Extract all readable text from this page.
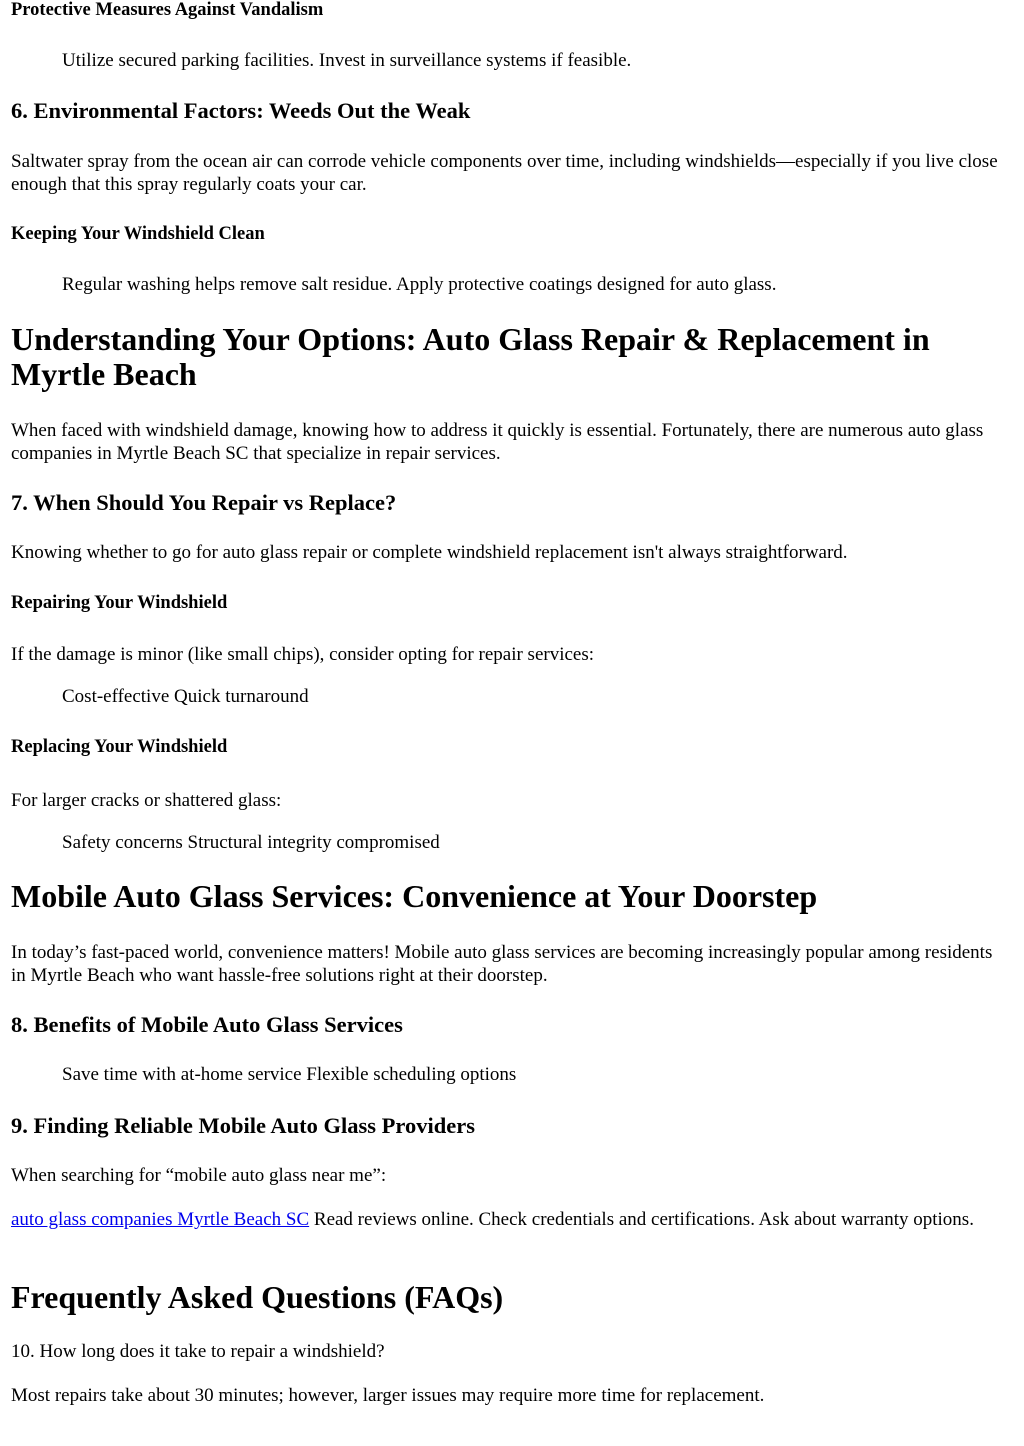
Protective Measures Against Vandalism
Utilize secured parking facilities. Invest in surveillance systems if feasible.
6. Environmental Factors: Weeds Out the Weak

Saltwater spray from the ocean air can corrode vehicle components over time, including windshields—especially if you live close enough that this spray regularly coats your car.

Keeping Your Windshield Clean
Regular washing helps remove salt residue. Apply protective coatings designed for auto glass.
Understanding Your Options: Auto Glass Repair & Replacement in Myrtle Beach

When faced with windshield damage, knowing how to address it quickly is essential. Fortunately, there are numerous auto glass companies in Myrtle Beach SC that specialize in repair services.

7. When Should You Repair vs Replace?

Knowing whether to go for auto glass repair or complete windshield replacement isn't always straightforward.

Repairing Your Windshield

If the damage is minor (like small chips), consider opting for repair services:

Cost-effective Quick turnaround
Replacing Your Windshield

For larger cracks or shattered glass:

Safety concerns Structural integrity compromised
Mobile Auto Glass Services: Convenience at Your Doorstep

In today’s fast-paced world, convenience matters! Mobile auto glass services are becoming increasingly popular among residents in Myrtle Beach who want hassle-free solutions right at their doorstep.

8. Benefits of Mobile Auto Glass Services
Save time with at-home service Flexible scheduling options
9. Finding Reliable Mobile Auto Glass Providers

When searching for “mobile auto glass near me”:

auto glass companies Myrtle Beach SC Read reviews online. Check credentials and certifications. Ask about warranty options.

Frequently Asked Questions (FAQs)

10. How long does it take to repair a windshield?

Most repairs take about 30 minutes; however, larger issues may require more time for replacement.
